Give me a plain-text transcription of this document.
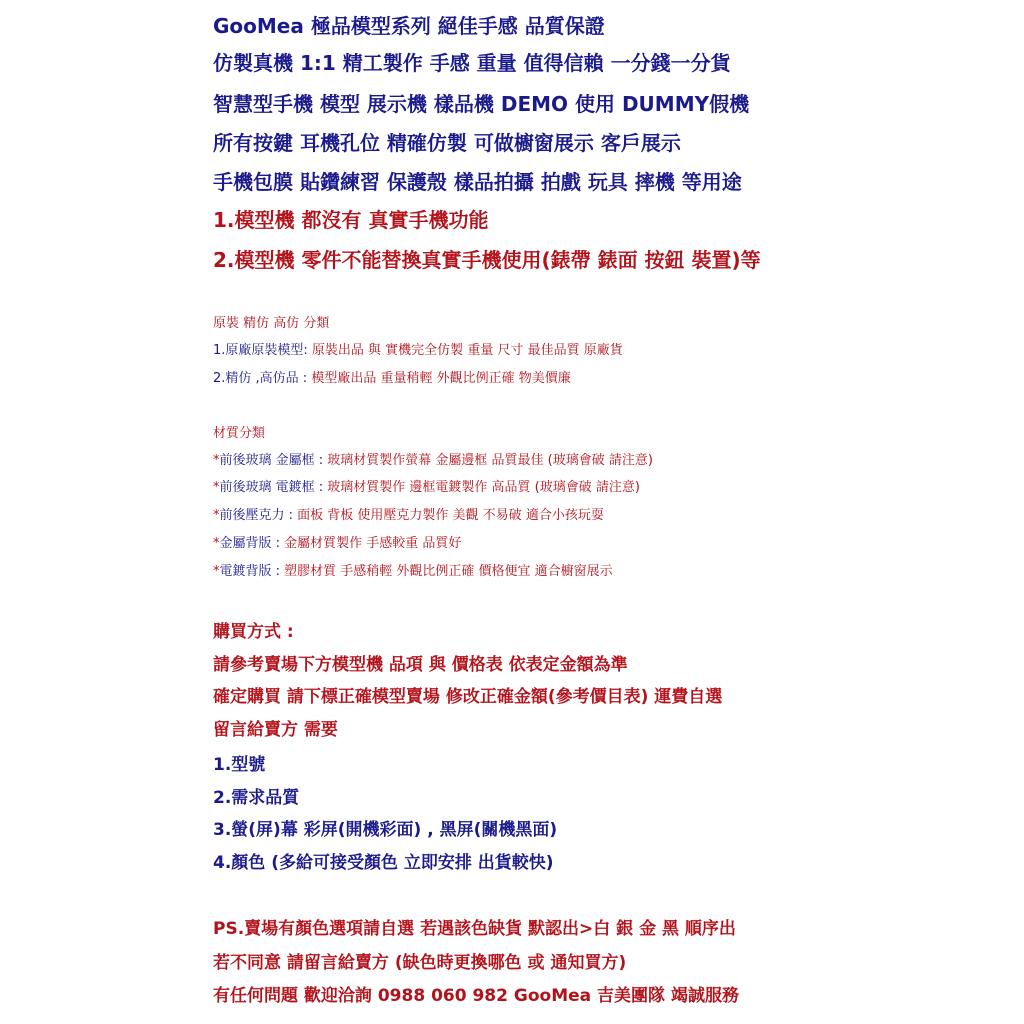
GooMea 極品模型系列 絕佳手感 品質保證

仿製真機 1:1 精工製作 手感 重量 值得信賴 一分錢一分貨

智慧型手機 模型 展示機 樣品機 DEMO 使用 DUMMY假機

所有按鍵 耳機孔位 精確仿製 可做櫥窗展示 客戶展示

手機包膜 貼鑽練習 保護殼 樣品拍攝 拍戲 玩具 摔機 等用途

1.模型機 都沒有 真實手機功能

2.模型機 零件不能替換真實手機使用(錶帶 錶面 按鈕 裝置)等

原裝 精仿 高仿 分類

1.原廠原裝模型: 原裝出品 與 實機完全仿製 重量 尺寸 最佳品質 原廠貨

2.精仿 ,高仿品 : 模型廠出品 重量稍輕 外觀比例正確 物美價廉

材質分類

*前後玻璃 金屬框 : 玻璃材質製作螢幕 金屬邊框 品質最佳 (玻璃會破 請注意)

*前後玻璃 電鍍框 : 玻璃材質製作 邊框電鍍製作 高品質 (玻璃會破 請注意)

*前後壓克力 : 面板 背板 使用壓克力製作 美觀 不易破 適合小孩玩耍

*金屬背版 : 金屬材質製作 手感較重 品質好

*電鍍背版 : 塑膠材質 手感稍輕 外觀比例正確 價格便宜 適合櫥窗展示

購買方式 :

請參考賣場下方模型機 品項 與 價格表 依表定金額為準

確定購買 請下標正確模型賣場 修改正確金額(參考價目表) 運費自選

留言給賣方 需要

1.型號

2.需求品質

3.螢(屏)幕 彩屏(開機彩面) , 黑屏(關機黑面)

4.顏色 (多給可接受顏色 立即安排 出貨較快)

PS.賣場有顏色選項請自選 若遇該色缺貨 默認出>白 銀 金 黑 順序出

若不同意 請留言給賣方 (缺色時更換哪色 或 通知買方)

有任何問題 歡迎洽詢 0988 060 982 GooMea 吉美團隊 竭誠服務
